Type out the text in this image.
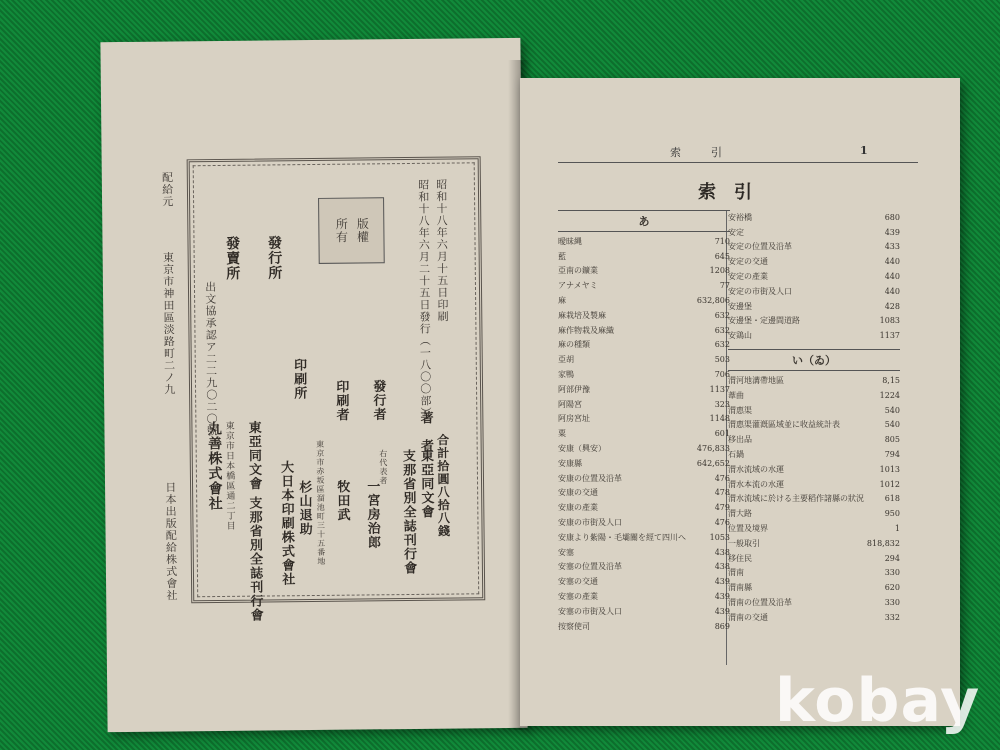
版權
所有	昭和十八年六月十五日印刷
昭和十八年六月二十五日發行（一八〇〇部）
著　者
東亞同文會
支那省別全誌刊行會 合計拾圓八拾八錢
發行者
右代表者
一宮房治郎
印刷者
牧田武
東京市赤坂區溜池町三十五番地
杉山退助
印刷所
大日本印刷株式會社
發行所
東亞同文會 支那省別全誌刊行會
發賣所
東京市日本橋區通二丁目
丸善株式會社
出文協承認ア二二九〇二〇號
配給元
東京市神田區淡路町二ノ九
日本出版配給株式會社
索引	1
索引
あ
曖昧縄	710
藍	645
亞南の鑛業	1208
アナメヤミ	77
麻	632,806
麻栽培及製麻	632
麻作物栽及麻織	632
麻の種類	632
亞胡	503
家鴨	706
阿部伊豫	1137
阿陽宮	323
阿房宮址	1148
粟	601
安康（興安）	476,833
安康縣	642,652
安康の位置及沿革	476
安康の交通	478
安康の產業	479
安康の市街及人口	476
安康より紫陽・毛壩關を經て四川へ	1053
安塞	438
安塞の位置及沿革	438
安塞の交通	439
安塞の產業	439
安塞の市街及人口	439
按察使司	869
安裕橋	680
安定	439
安定の位置及沿革	433
安定の交通	440
安定の產業	440
安定の市街及人口	440
安邊堡	428
安邊堡・定邊間道路	1083
安鶏山	1137
い（ゐ）
渭河地溝帶地區	8,15
葦曲	1224
渭惠渠	540
渭惠渠灌漑區域並に收益統計表	540
移出品	805
石鍋	794
渭水流域の水運	1013
渭水本流の水運	1012
渭水流域に於ける主要稻作諸縣の狀況	618
渭大路	950
位置及境界	1
一般取引	818,832
移住民	294
渭南	330
渭南縣	620
渭南の位置及沿革	330
渭南の交通	332
kobay
